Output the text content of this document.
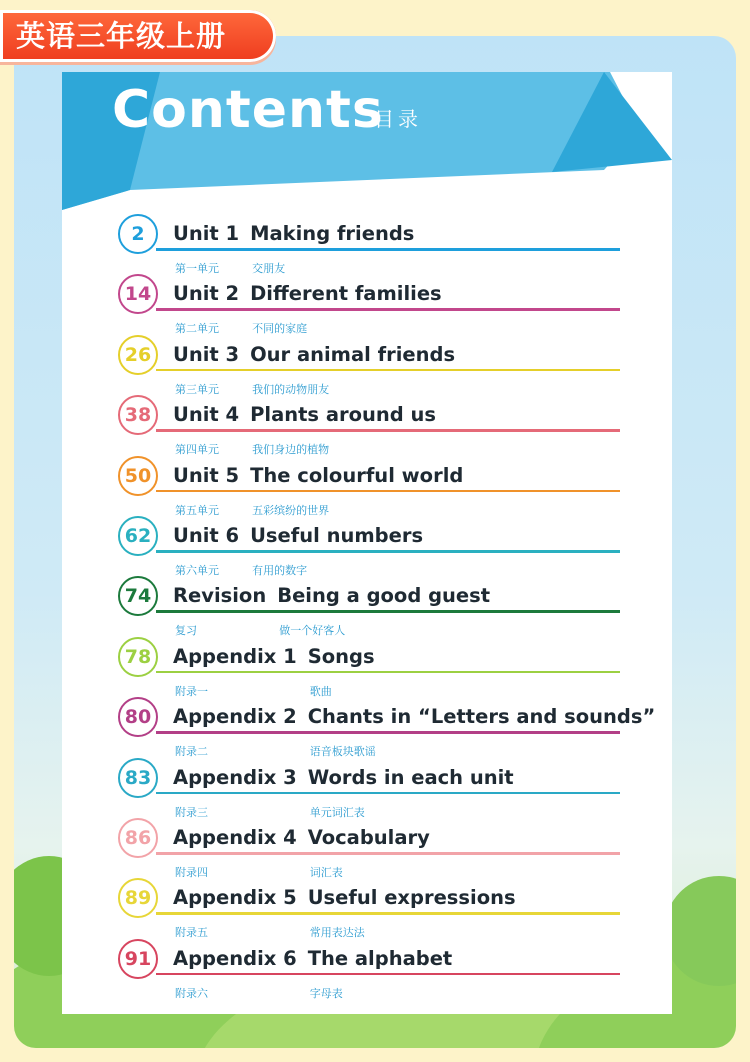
英语三年级上册
Contents
目录
2	Unit 1 Making friends
第一单元	交朋友
14	Unit 2 Different families
第二单元	不同的家庭
26	Unit 3 Our animal friends
第三单元	我们的动物朋友
38	Unit 4 Plants around us
第四单元	我们身边的植物
50	Unit 5 The colourful world
第五单元	五彩缤纷的世界
62	Unit 6 Useful numbers
第六单元	有用的数字
74	Revision Being a good guest
复习	做一个好客人
78	Appendix 1 Songs
附录一	歌曲
80	Appendix 2 Chants in “Letters and sounds”
附录二	语音板块歌谣
83	Appendix 3 Words in each unit
附录三	单元词汇表
86	Appendix 4 Vocabulary
附录四	词汇表
89	Appendix 5 Useful expressions
附录五	常用表达法
91	Appendix 6 The alphabet
附录六	字母表
